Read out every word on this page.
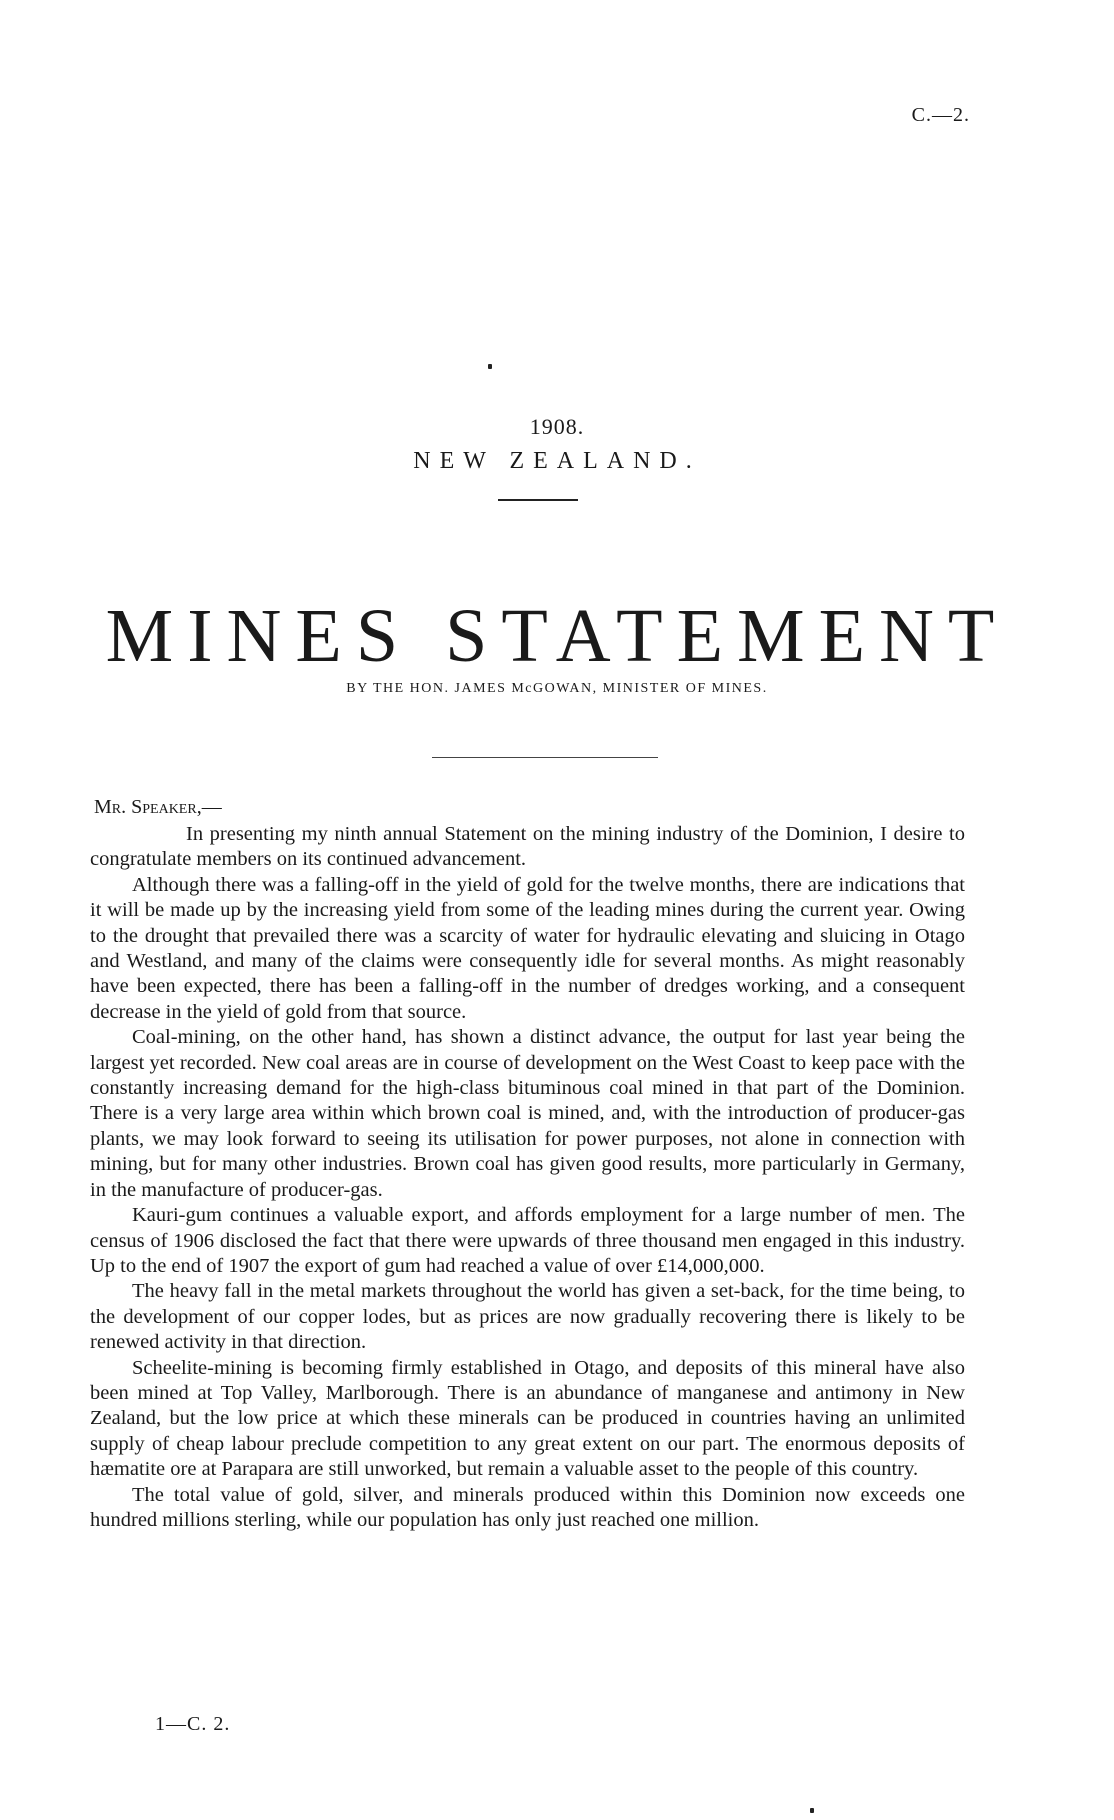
C.—2.
1908.
NEW ZEALAND.
MINES STATEMENT
BY THE HON. JAMES McGOWAN, MINISTER OF MINES.
Mr. Speaker,—

In presenting my ninth annual Statement on the mining industry of the Dominion, I desire to congratulate members on its continued advancement.

Although there was a falling-off in the yield of gold for the twelve months, there are indications that it will be made up by the increasing yield from some of the leading mines during the current year. Owing to the drought that prevailed there was a scarcity of water for hydraulic elevating and sluicing in Otago and Westland, and many of the claims were consequently idle for several months. As might reasonably have been expected, there has been a falling-off in the number of dredges working, and a consequent decrease in the yield of gold from that source.

Coal-mining, on the other hand, has shown a distinct advance, the output for last year being the largest yet recorded. New coal areas are in course of development on the West Coast to keep pace with the constantly increasing demand for the high-class bituminous coal mined in that part of the Dominion. There is a very large area within which brown coal is mined, and, with the introduction of producer-gas plants, we may look forward to seeing its utilisation for power purposes, not alone in connection with mining, but for many other industries. Brown coal has given good results, more particularly in Germany, in the manufacture of producer-gas.

Kauri-gum continues a valuable export, and affords employment for a large number of men. The census of 1906 disclosed the fact that there were upwards of three thousand men engaged in this industry. Up to the end of 1907 the export of gum had reached a value of over £14,000,000.

The heavy fall in the metal markets throughout the world has given a set-back, for the time being, to the development of our copper lodes, but as prices are now gradually recovering there is likely to be renewed activity in that direction.

Scheelite-mining is becoming firmly established in Otago, and deposits of this mineral have also been mined at Top Valley, Marlborough. There is an abundance of manganese and antimony in New Zealand, but the low price at which these minerals can be produced in countries having an unlimited supply of cheap labour preclude competition to any great extent on our part. The enormous deposits of hæmatite ore at Parapara are still unworked, but remain a valuable asset to the people of this country.

The total value of gold, silver, and minerals produced within this Dominion now exceeds one hundred millions sterling, while our population has only just reached one million.

1—C. 2.
